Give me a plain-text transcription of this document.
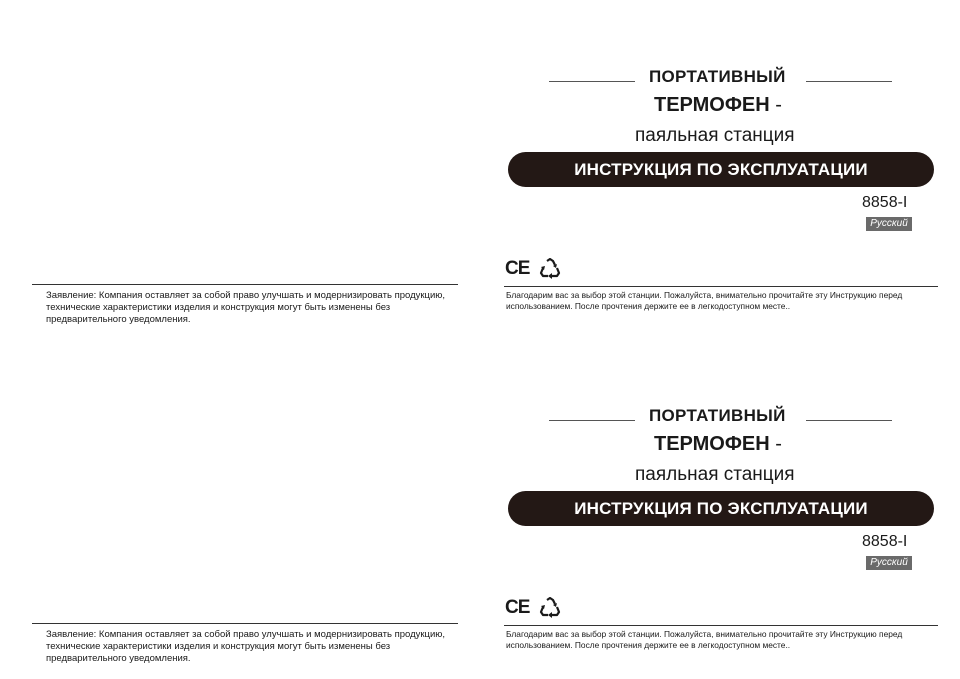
ПОРТАТИВНЫЙ
ТЕРМОФЕН -
паяльная станция
ИНСТРУКЦИЯ ПО ЭКСПЛУАТАЦИИ
8858-I
Русский
CE
Заявление: Компания оставляет за собой право улучшать и модернизировать продукцию, технические характеристики изделия и конструкция могут быть изменены без предварительного уведомления.
Благодарим вас за выбор этой станции. Пожалуйста, внимательно прочитайте эту Инструкцию перед использованием. После прочтения держите ее в легкодоступном месте..
ПОРТАТИВНЫЙ
ТЕРМОФЕН -
паяльная станция
ИНСТРУКЦИЯ ПО ЭКСПЛУАТАЦИИ
8858-I
Русский
CE
Заявление: Компания оставляет за собой право улучшать и модернизировать продукцию, технические характеристики изделия и конструкция могут быть изменены без предварительного уведомления.
Благодарим вас за выбор этой станции. Пожалуйста, внимательно прочитайте эту Инструкцию перед использованием. После прочтения держите ее в легкодоступном месте..
